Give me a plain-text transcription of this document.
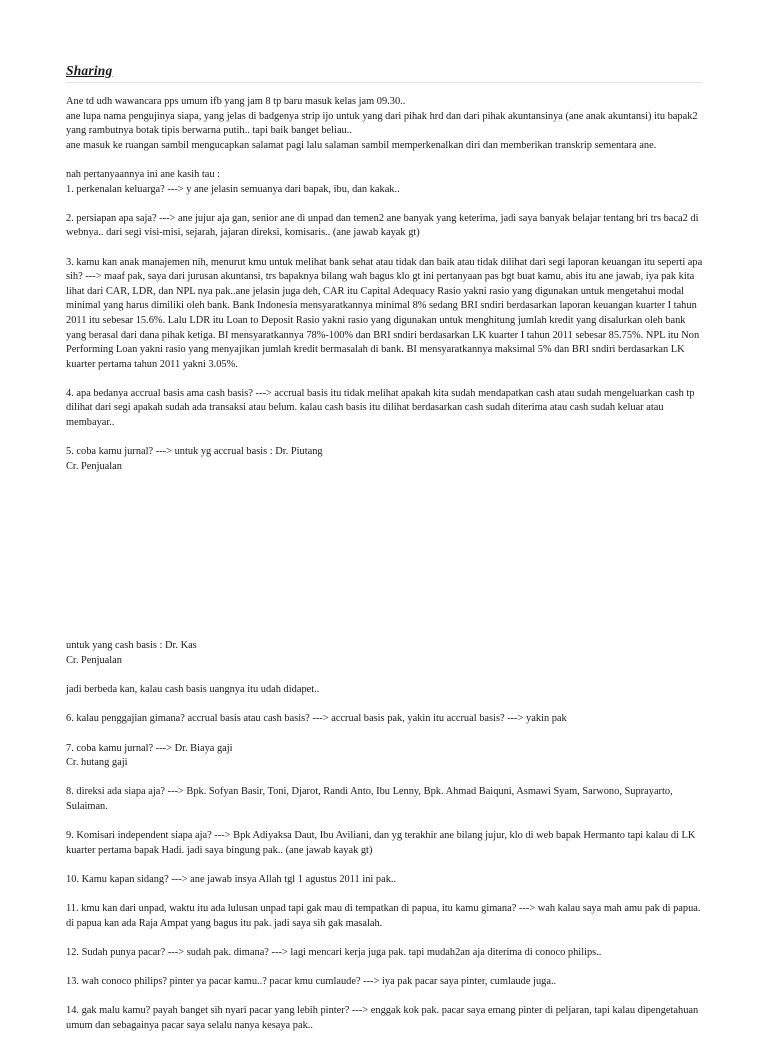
Sharing

Ane td udh wawancara pps umum ifb yang jam 8 tp baru masuk kelas jam 09.30..
ane lupa nama pengujinya siapa, yang jelas di badgenya strip ijo untuk yang dari pihak hrd dan dari pihak akuntansinya (ane anak akuntansi) itu bapak2 yang rambutnya botak tipis berwarna putih.. tapi baik banget beliau..
ane masuk ke ruangan sambil mengucapkan salamat pagi lalu salaman sambil memperkenalkan diri dan memberikan transkrip sementara ane.

nah pertanyaannya ini ane kasih tau :
1. perkenalan keluarga? ---> y ane jelasin semuanya dari bapak, ibu, dan kakak..

2. persiapan apa saja? ---> ane jujur aja gan, senior ane di unpad dan temen2 ane banyak yang keterima, jadi saya banyak belajar tentang bri trs baca2 di webnya.. dari segi visi-misi, sejarah, jajaran direksi, komisaris.. (ane jawab kayak gt)

3. kamu kan anak manajemen nih, menurut kmu untuk melihat bank sehat atau tidak dan baik atau tidak dilihat dari segi laporan keuangan itu seperti apa sih? ---> maaf pak, saya dari jurusan akuntansi, trs bapaknya bilang wah bagus klo gt ini pertanyaan pas bgt buat kamu, abis itu ane jawab, iya pak kita lihat dari CAR, LDR, dan NPL nya pak..ane jelasin juga deh, CAR itu Capital Adequacy Rasio yakni rasio yang digunakan untuk mengetahui modal minimal yang harus dimiliki oleh bank. Bank Indonesia mensyaratkannya minimal 8% sedang BRI sndiri berdasarkan laporan keuangan kuarter I tahun 2011 itu sebesar 15.6%. Lalu LDR itu Loan to Deposit Rasio yakni rasio yang digunakan untuk menghitung jumlah kredit yang disalurkan oleh bank yang berasal dari dana pihak ketiga. BI mensyaratkannya 78%-100% dan BRI sndiri berdasarkan LK kuarter I tahun 2011 sebesar 85.75%. NPL itu Non Performing Loan yakni rasio yang menyajikan jumlah kredit bermasalah di bank. BI mensyaratkannya maksimal 5% dan BRI sndiri berdasarkan LK kuarter pertama tahun 2011 yakni 3.05%.

4. apa bedanya accrual basis ama cash basis? ---> accrual basis itu tidak melihat apakah kita sudah mendapatkan cash atau sudah mengeluarkan cash tp dilihat dari segi apakah sudah ada transaksi atau belum. kalau cash basis itu dilihat berdasarkan cash sudah diterima atau cash sudah keluar atau membayar..

5. coba kamu jurnal? ---> untuk yg accrual basis : Dr. Piutang
Cr. Penjualan

untuk yang cash basis : Dr. Kas
Cr. Penjualan

jadi berbeda kan, kalau cash basis uangnya itu udah didapet..

6. kalau penggajian gimana? accrual basis atau cash basis? ---> accrual basis pak, yakin itu accrual basis? ---> yakin pak

7. coba kamu jurnal? ---> Dr. Biaya gaji
Cr. hutang gaji

8. direksi ada siapa aja? ---> Bpk. Sofyan Basir, Toni, Djarot, Randi Anto, Ibu Lenny, Bpk. Ahmad Baiquni, Asmawi Syam, Sarwono, Suprayarto, Sulaiman.

9. Komisari independent siapa aja? ---> Bpk Adiyaksa Daut, Ibu Aviliani, dan yg terakhir ane bilang jujur, klo di web bapak Hermanto tapi kalau di LK kuarter pertama bapak Hadi. jadi saya bingung pak.. (ane jawab kayak gt)

10. Kamu kapan sidang? ---> ane jawab insya Allah tgl 1 agustus 2011 ini pak..

11. kmu kan dari unpad, waktu itu ada lulusan unpad tapi gak mau di tempatkan di papua, itu kamu gimana? ---> wah kalau saya mah amu pak di papua. di papua kan ada Raja Ampat yang bagus itu pak. jadi saya sih gak masalah.

12. Sudah punya pacar? ---> sudah pak. dimana? ---> lagi mencari kerja juga pak. tapi mudah2an aja diterima di conoco philips..

13. wah conoco philips? pinter ya pacar kamu..? pacar kmu cumlaude? ---> iya pak pacar saya pinter, cumlaude juga..

14. gak malu kamu? payah banget sih nyari pacar yang lebih pinter? ---> enggak kok pak. pacar saya emang pinter di peljaran, tapi kalau dipengetahuan umum dan sebagainya pacar saya selalu nanya kesaya pak..
